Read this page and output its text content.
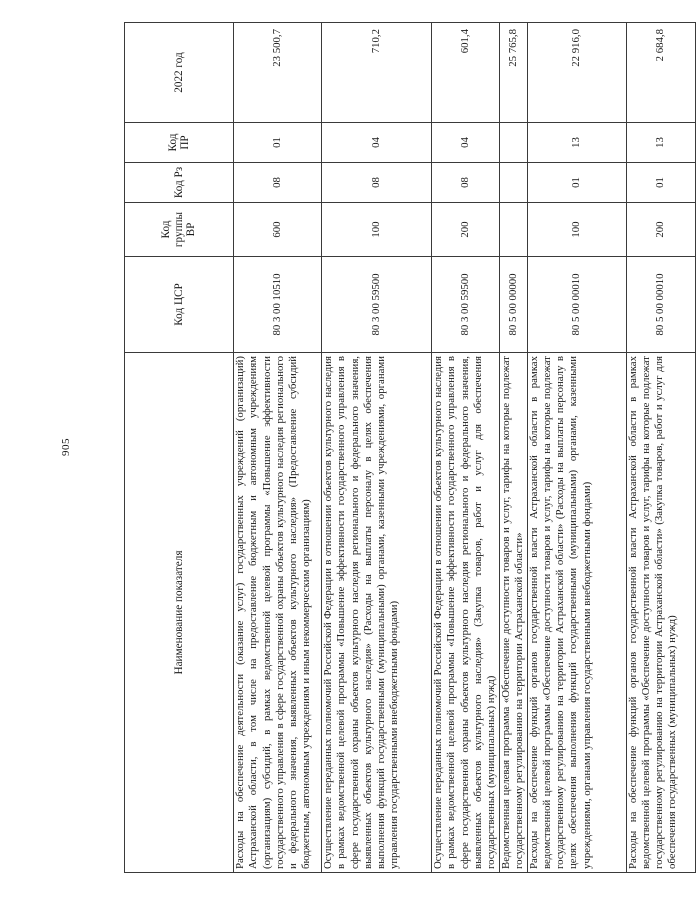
905
Наименование показателя	Код ЦСР	Код группы ВР	Код Рз	Код ПР	2022 год
Расходы на обеспечение деятельности (оказание услуг) государственных учреждений (организаций) Астраханской области, в том числе на предоставление бюджетным и автономным учреждениям (организациям) субсидий, в рамках ведомственной целевой программы «Повышение эффективности государственного управления в сфере государственной охраны объектов культурного наследия регионального и федерального значения, выявленных объектов культурного наследия» (Предоставление субсидий бюджетным, автономным учреждениям и иным некоммерческим организациям)	80 3 00 10510	600	08	01	23 500,7
Осуществление переданных полномочий Российской Федерации в отношении объектов культурного наследия в рамках ведомственной целевой программы «Повышение эффективности государственного управления в сфере государственной охраны объектов культурного наследия регионального и федерального значения, выявленных объектов культурного наследия» (Расходы на выплаты персоналу в целях обеспечения выполнения функций государственными (муниципальными) органами, казенными учреждениями, органами управления государственными внебюджетными фондами)	80 3 00 59500	100	08	04	710,2
Осуществление переданных полномочий Российской Федерации в отношении объектов культурного наследия в рамках ведомственной целевой программы «Повышение эффективности государственного управления в сфере государственной охраны объектов культурного наследия регионального и федерального значения, выявленных объектов культурного наследия» (Закупка товаров, работ и услуг для обеспечения государственных (муниципальных) нужд)	80 3 00 59500	200	08	04	601,4
Ведомственная целевая программа «Обеспечение доступности товаров и услуг, тарифы на которые подлежат государственному регулированию на территории Астраханской области»	80 5 00 00000				25 765,8
Расходы на обеспечение функций органов государственной власти Астраханской области в рамках ведомственной целевой программы «Обеспечение доступности товаров и услуг, тарифы на которые подлежат государственному регулированию на территории Астраханской области» (Расходы на выплаты персоналу в целях обеспечения выполнения функций государственными (муниципальными) органами, казенными учреждениями, органами управления государственными внебюджетными фондами)	80 5 00 00010	100	01	13	22 916,0
Расходы на обеспечение функций органов государственной власти Астраханской области в рамках ведомственной целевой программы «Обеспечение доступности товаров и услуг, тарифы на которые подлежат государственному регулированию на территории Астраханской области» (Закупка товаров, работ и услуг для обеспечения государственных (муниципальных) нужд)	80 5 00 00010	200	01	13	2 684,8
